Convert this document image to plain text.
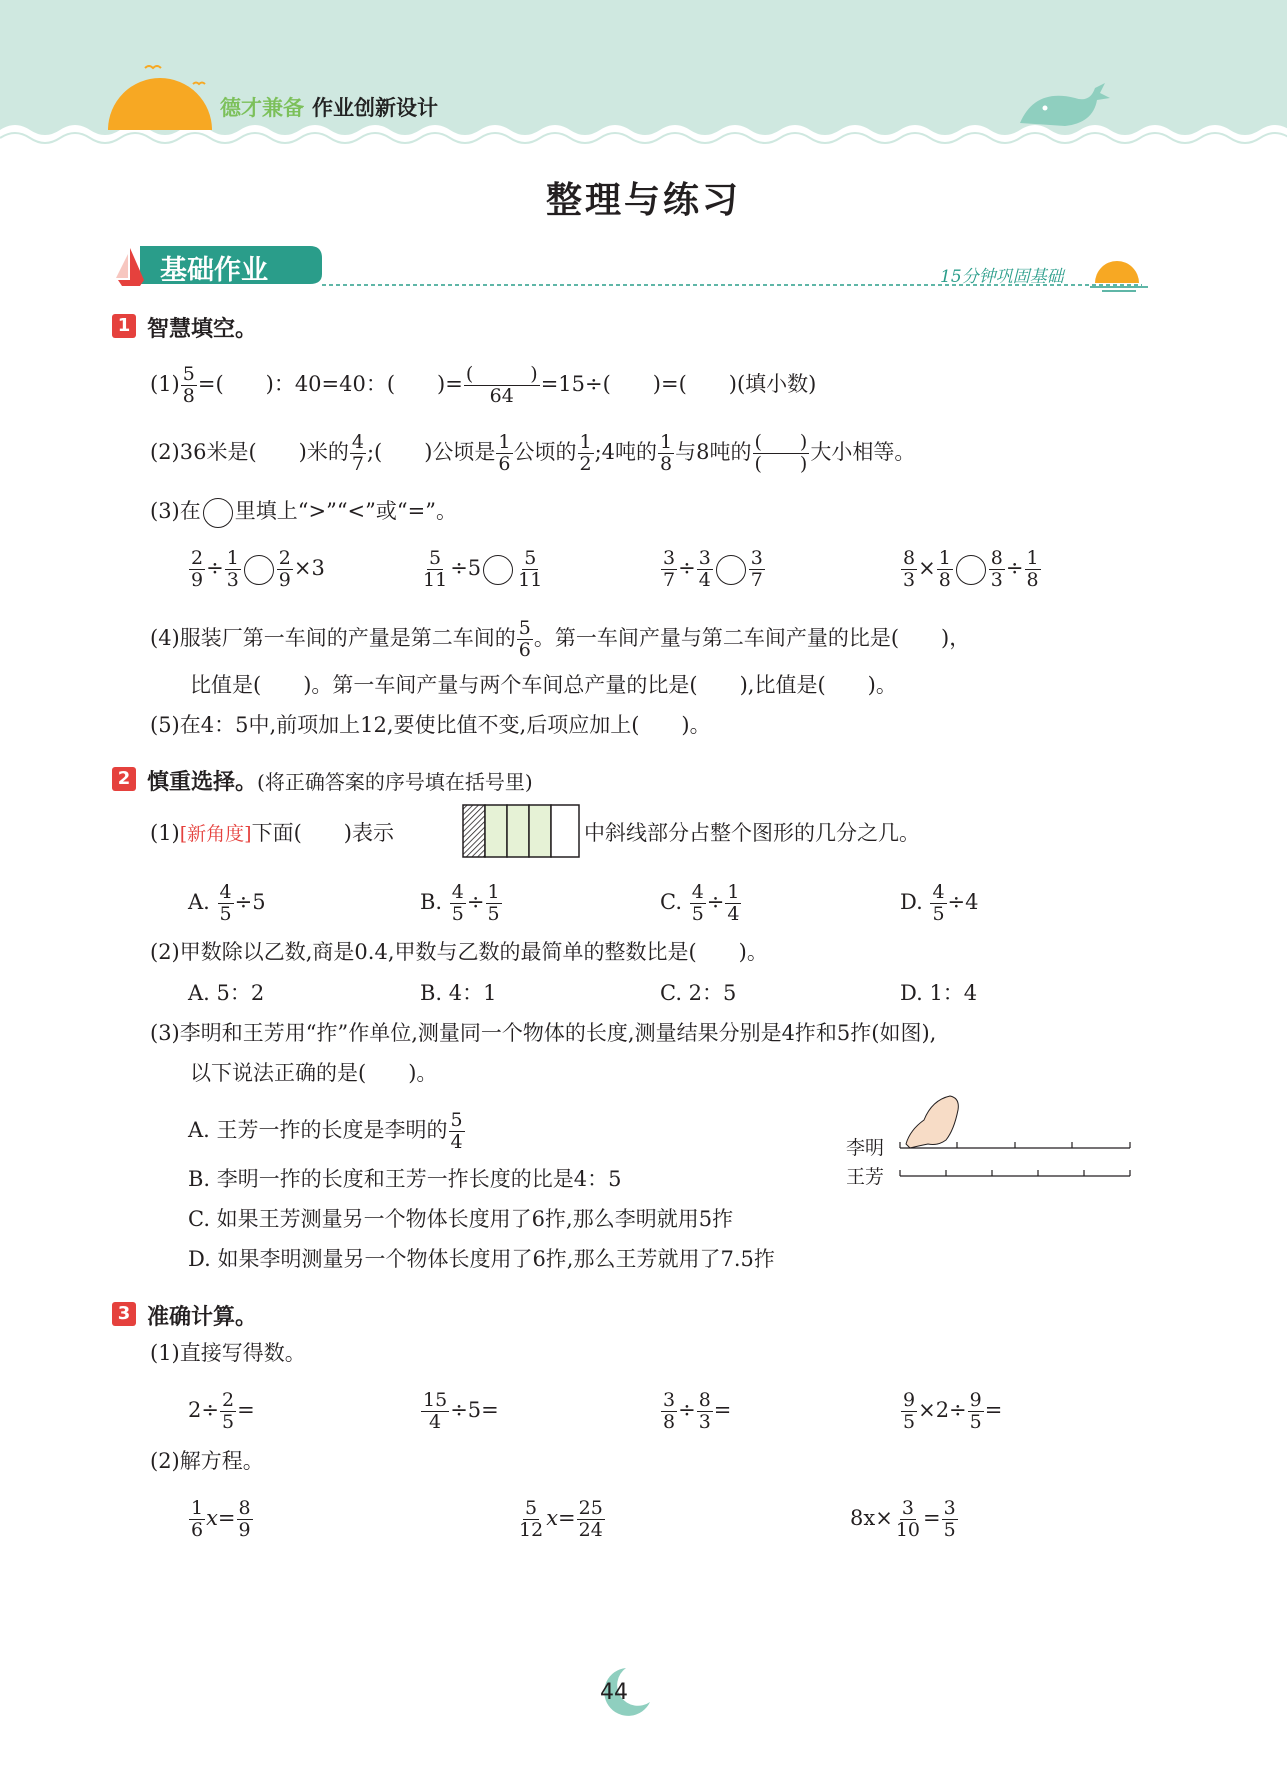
德才兼备 作业创新设计
整理与练习
基础作业	15分钟巩固基础
1 智慧填空。
$(1) \frac{5}{8}$ =(　　)：40=40：(　　)= $\frac{( )}{64} =15\div$(　　)=(　　)(填小数)
(2)36米是(　　)米的 $\frac{4}{7}$ ;(　　)公顷是 $\frac{1}{6}$ 公顷的 $\frac{1}{2}$ ;4吨的 $\frac{1}{8}$ 与8吨的 $\frac{( )}{( )}$ 大小相等。
(3)在 里填上“>”“<”或“=”。
$\frac{2}{9} \div \frac{1}{3} \frac{2}{9} \times 3$	$\frac{5}{11} \div 5 \frac{5}{11}$	$\frac{3}{7} \div \frac{3}{4} \frac{3}{7}$	$\frac{8}{3} \times \frac{1}{8} \frac{8}{3} \div \frac{1}{8}$
(4)服装厂第一车间的产量是第二车间的 $\frac{5}{6}$ 。第一车间产量与第二车间产量的比是(　　)，
比值是(　　)。第一车间产量与两个车间总产量的比是(　　),比值是(　　)。
(5)在4：5中,前项加上12,要使比值不变,后项应加上(　　)。
2 慎重选择。(将正确答案的序号填在括号里)
(1)[新角度]下面(　　)表示	中斜线部分占整个图形的几分之几。
A. $\frac{4}{5} \div 5$	B. $\frac{4}{5} \div \frac{1}{5}$	C. $\frac{4}{5} \div \frac{1}{4}$	D. $\frac{4}{5} \div 4$
(2)甲数除以乙数,商是0.4,甲数与乙数的最简单的整数比是(　　)。
A. 5：2	B. 4：1	C. 2：5	D. 1：4
(3)李明和王芳用“拃”作单位,测量同一个物体的长度,测量结果分别是4拃和5拃(如图),
以下说法正确的是(　　)。
A. 王芳一拃的长度是李明的 $\frac{5}{4}$
B. 李明一拃的长度和王芳一拃长度的比是4：5
C. 如果王芳测量另一个物体长度用了6拃,那么李明就用5拃
D. 如果李明测量另一个物体长度用了6拃,那么王芳就用了7.5拃
李明
王芳
3 准确计算。
(1)直接写得数。
$2\div \frac{2}{5}$ =	$\frac{15}{4} \div 5=$	$\frac{3}{8} \div \frac{8}{3}$ =	$\frac{9}{5} \times 2\div \frac{9}{5}$ =
(2)解方程。
$\frac{1}{6} x= \frac{8}{9}$	$\frac{5}{12} x= \frac{25}{24}$	$8x\times \frac{3}{10} = \frac{3}{5}$
44
